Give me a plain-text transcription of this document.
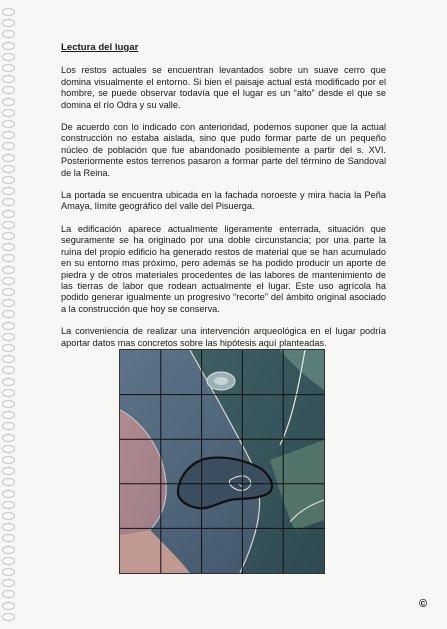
Lectura del lugar

Los restos actuales se encuentran levantados sobre un suave cerro que domina visualmente el entorno. Si bien el paisaje actual está modificado por el hombre, se puede observar todavía que el lugar es un “alto” desde el que se domina el río Odra y su valle.

De acuerdo con lo indicado con anterioridad, podemos suponer que la actual construcción no estaba aislada, sino que pudo formar parte de un pequeño núcleo de población que fue abandonado posiblemente a partir del s. XVI. Posteriormente estos terrenos pasaron a formar parte del término de Sandoval de la Reina.

La portada se encuentra ubicada en la fachada noroeste y mira hacia la Peña Amaya, límite geográfico del valle del Pisuerga.

La edificación aparece actualmente ligeramente enterrada, situación que seguramente se ha originado por una doble circunstancia; por una parte la ruina del propio edificio ha generado restos de material que se han acumulado en su entorno mas próximo, pero además se ha podido producir un aporte de piedra y de otros materiales procedentes de las labores de mantenimiento de las tierras de labor que rodean actualmente el lugar. Este uso agrícola ha podido generar igualmente un progresivo “recorte” del ámbito original asociado a la construcción que hoy se conserva.

La conveniencia de realizar una intervención arqueológica en el lugar podría aportar datos mas concretos sobre las hipótesis aquí planteadas.

©
